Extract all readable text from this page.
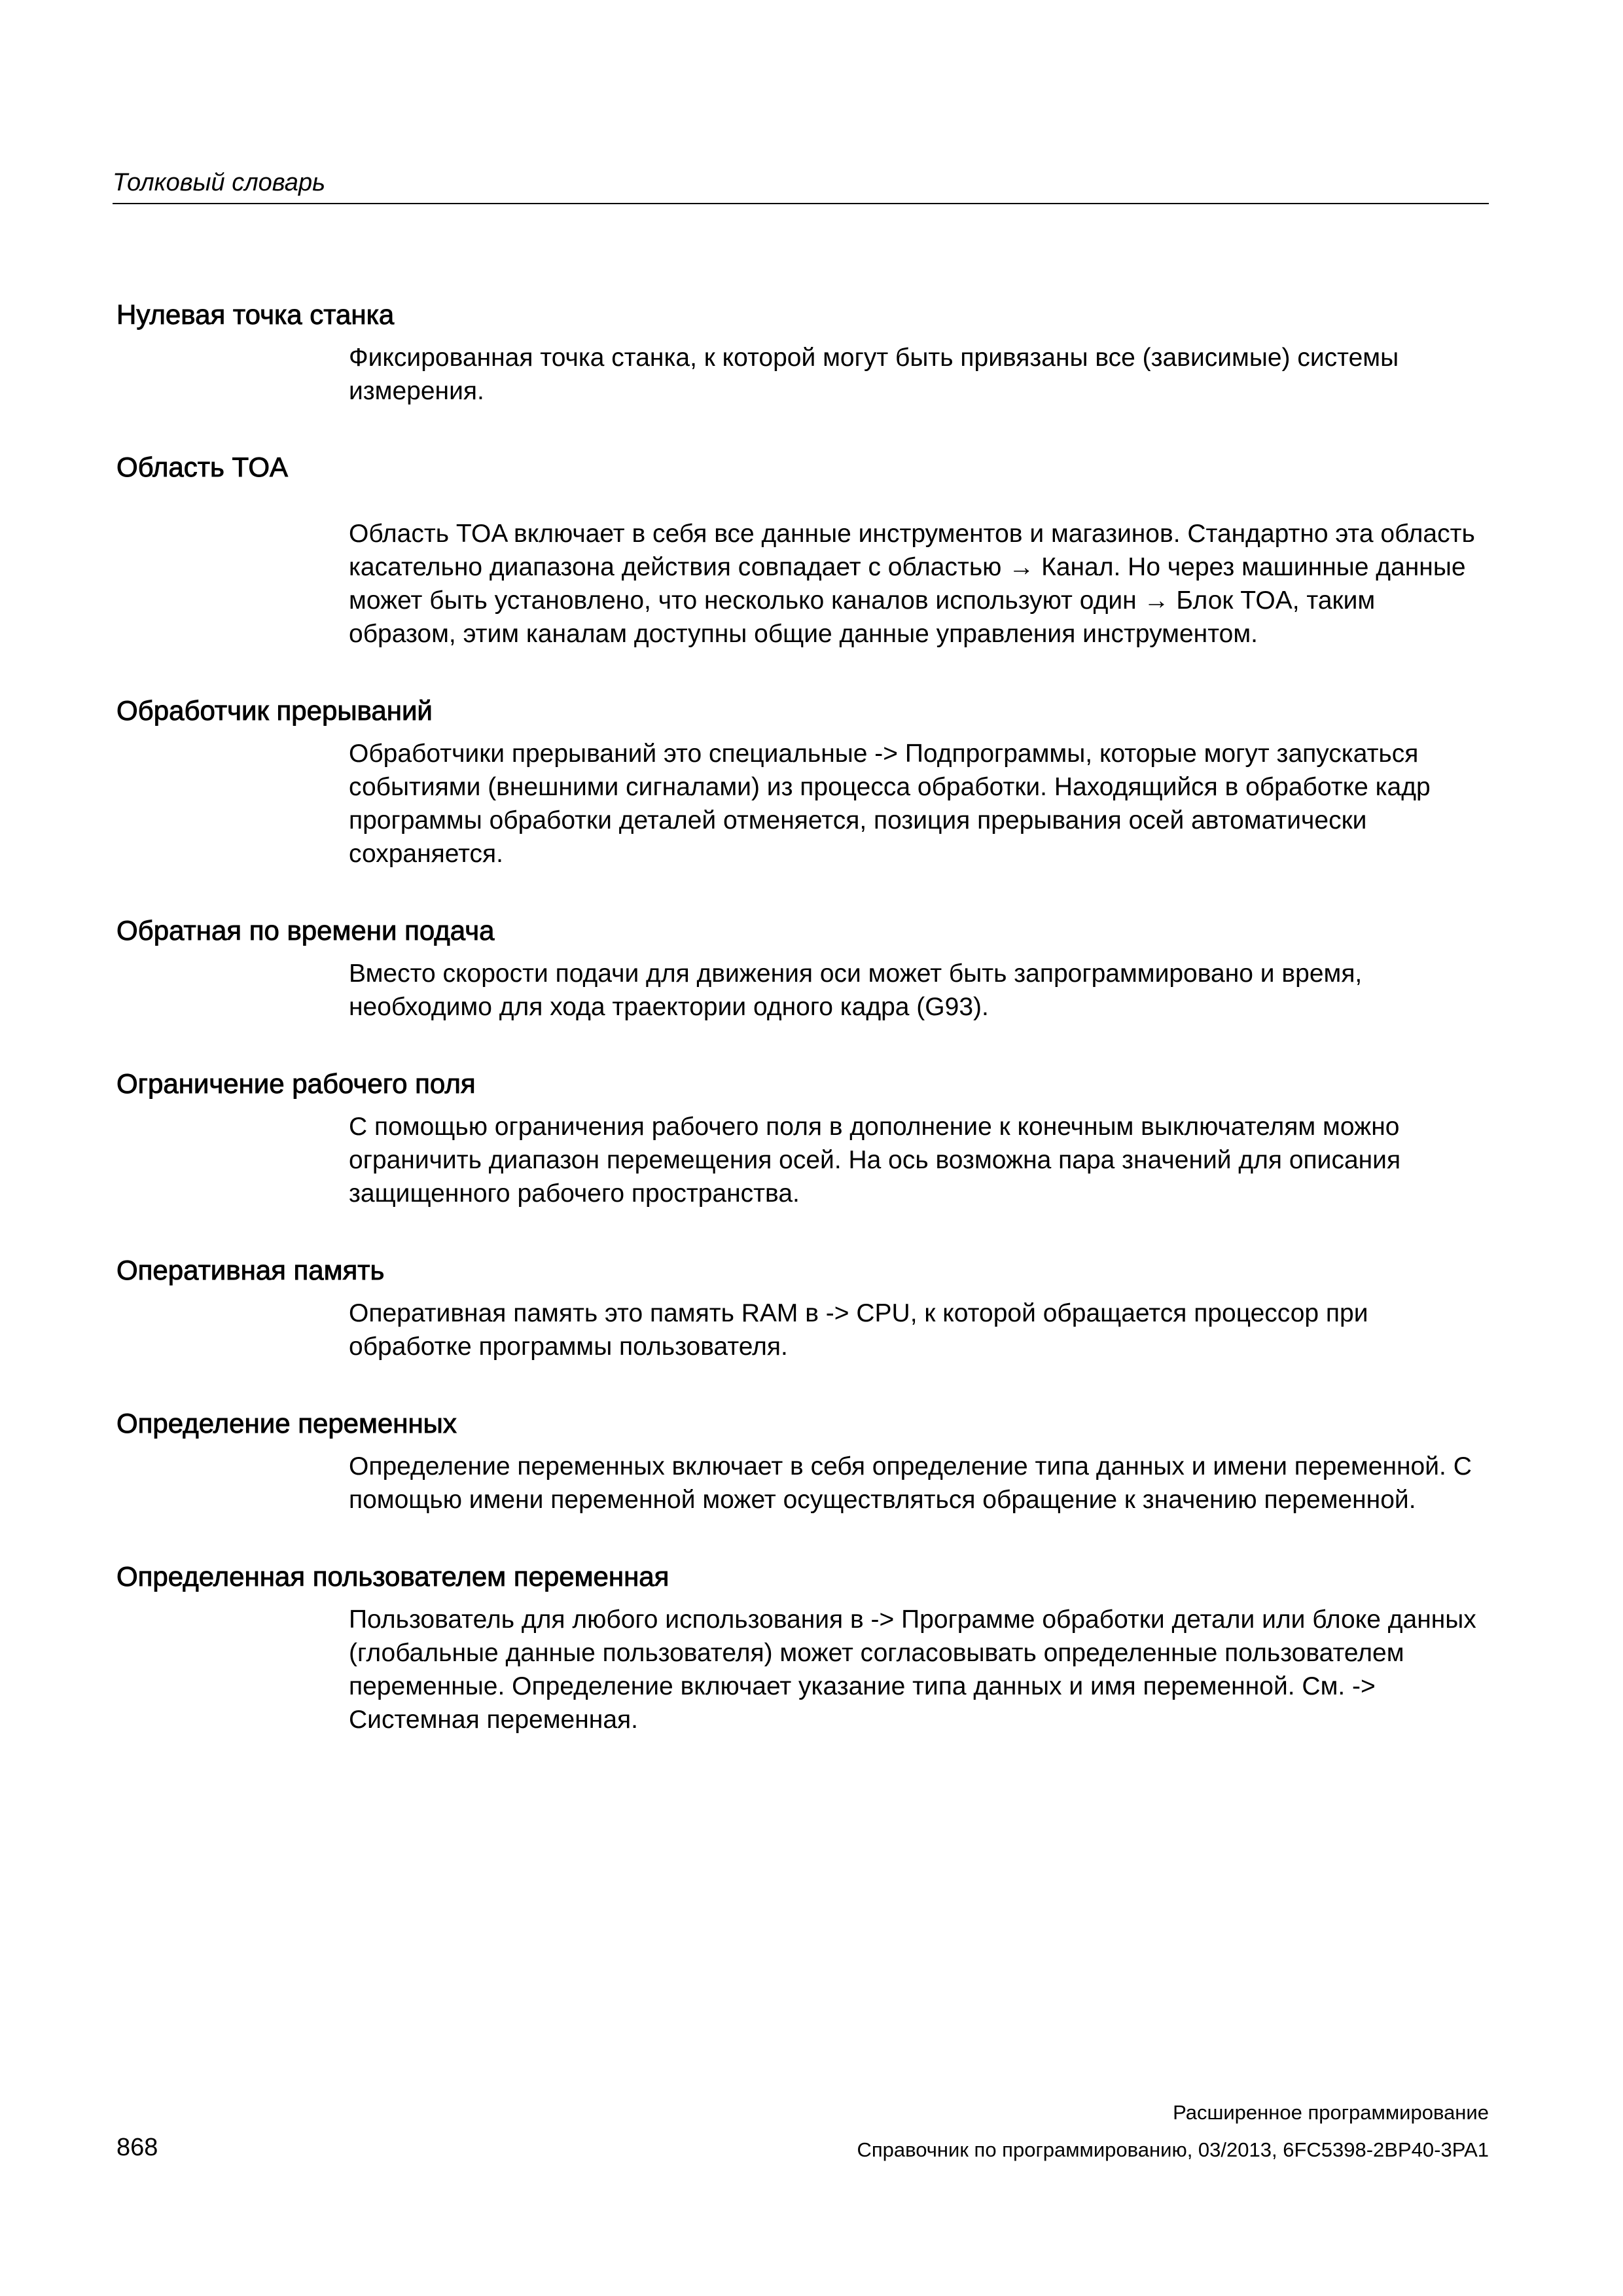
Толковый словарь
Нулевая точка станка

Фиксированная точка станка, к которой могут быть привязаны все (зависимые) системы измерения.

Область TOA

Область TOA включает в себя все данные инструментов и магазинов. Стандартно эта область касательно диапазона действия совпадает с областью → Канал. Но через машинные данные может быть установлено, что несколько каналов используют один → Блок TOA, таким образом, этим каналам доступны общие данные управления инструментом.

Обработчик прерываний

Обработчики прерываний это специальные -> Подпрограммы, которые могут запускаться событиями (внешними сигналами) из процесса обработки. Находящийся в обработке кадр программы обработки деталей отменяется, позиция прерывания осей автоматически сохраняется.

Обратная по времени подача

Вместо скорости подачи для движения оси может быть запрограммировано и время, необходимо для хода траектории одного кадра (G93).

Ограничение рабочего поля

С помощью ограничения рабочего поля в дополнение к конечным выключателям можно ограничить диапазон перемещения осей. На ось возможна пара значений для описания защищенного рабочего пространства.

Оперативная память

Оперативная память это память RAM в -> CPU, к которой обращается процессор при обработке программы пользователя.

Определение переменных

Определение переменных включает в себя определение типа данных и имени переменной. С помощью имени переменной может осуществляться обращение к значению переменной.

Определенная пользователем переменная

Пользователь для любого использования в -> Программе обработки детали или блоке данных (глобальные данные пользователя) может согласовывать определенные пользователем переменные. Определение включает указание типа данных и имя переменной. См. -> Системная переменная.

Расширенное программирование
868	Справочник по программированию, 03/2013, 6FC5398-2BP40-3PA1
